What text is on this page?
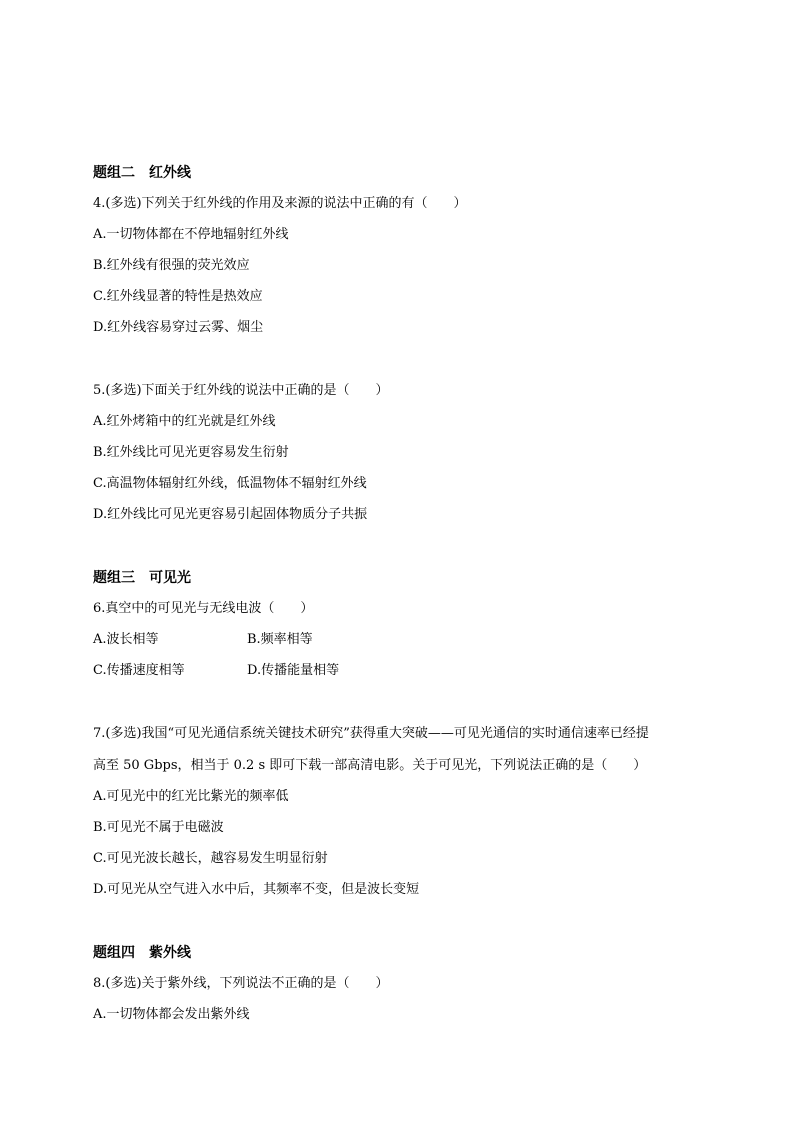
题组二　红外线
4.(多选)下列关于红外线的作用及来源的说法中正确的有（　　）
A.一切物体都在不停地辐射红外线
B.红外线有很强的荧光效应
C.红外线显著的特性是热效应
D.红外线容易穿过云雾、烟尘
5.(多选)下面关于红外线的说法中正确的是（　　）
A.红外烤箱中的红光就是红外线
B.红外线比可见光更容易发生衍射
C.高温物体辐射红外线，低温物体不辐射红外线
D.红外线比可见光更容易引起固体物质分子共振
题组三　可见光
6.真空中的可见光与无线电波（　　）
A.波长相等	B.频率相等
C.传播速度相等	D.传播能量相等
7.(多选)我国“可见光通信系统关键技术研究”获得重大突破——可见光通信的实时通信速率已经提
高至 50 Gbps，相当于 0.2 s 即可下载一部高清电影。关于可见光，下列说法正确的是（　　）
A.可见光中的红光比紫光的频率低
B.可见光不属于电磁波
C.可见光波长越长，越容易发生明显衍射
D.可见光从空气进入水中后，其频率不变，但是波长变短
题组四　紫外线
8.(多选)关于紫外线，下列说法不正确的是（　　）
A.一切物体都会发出紫外线
